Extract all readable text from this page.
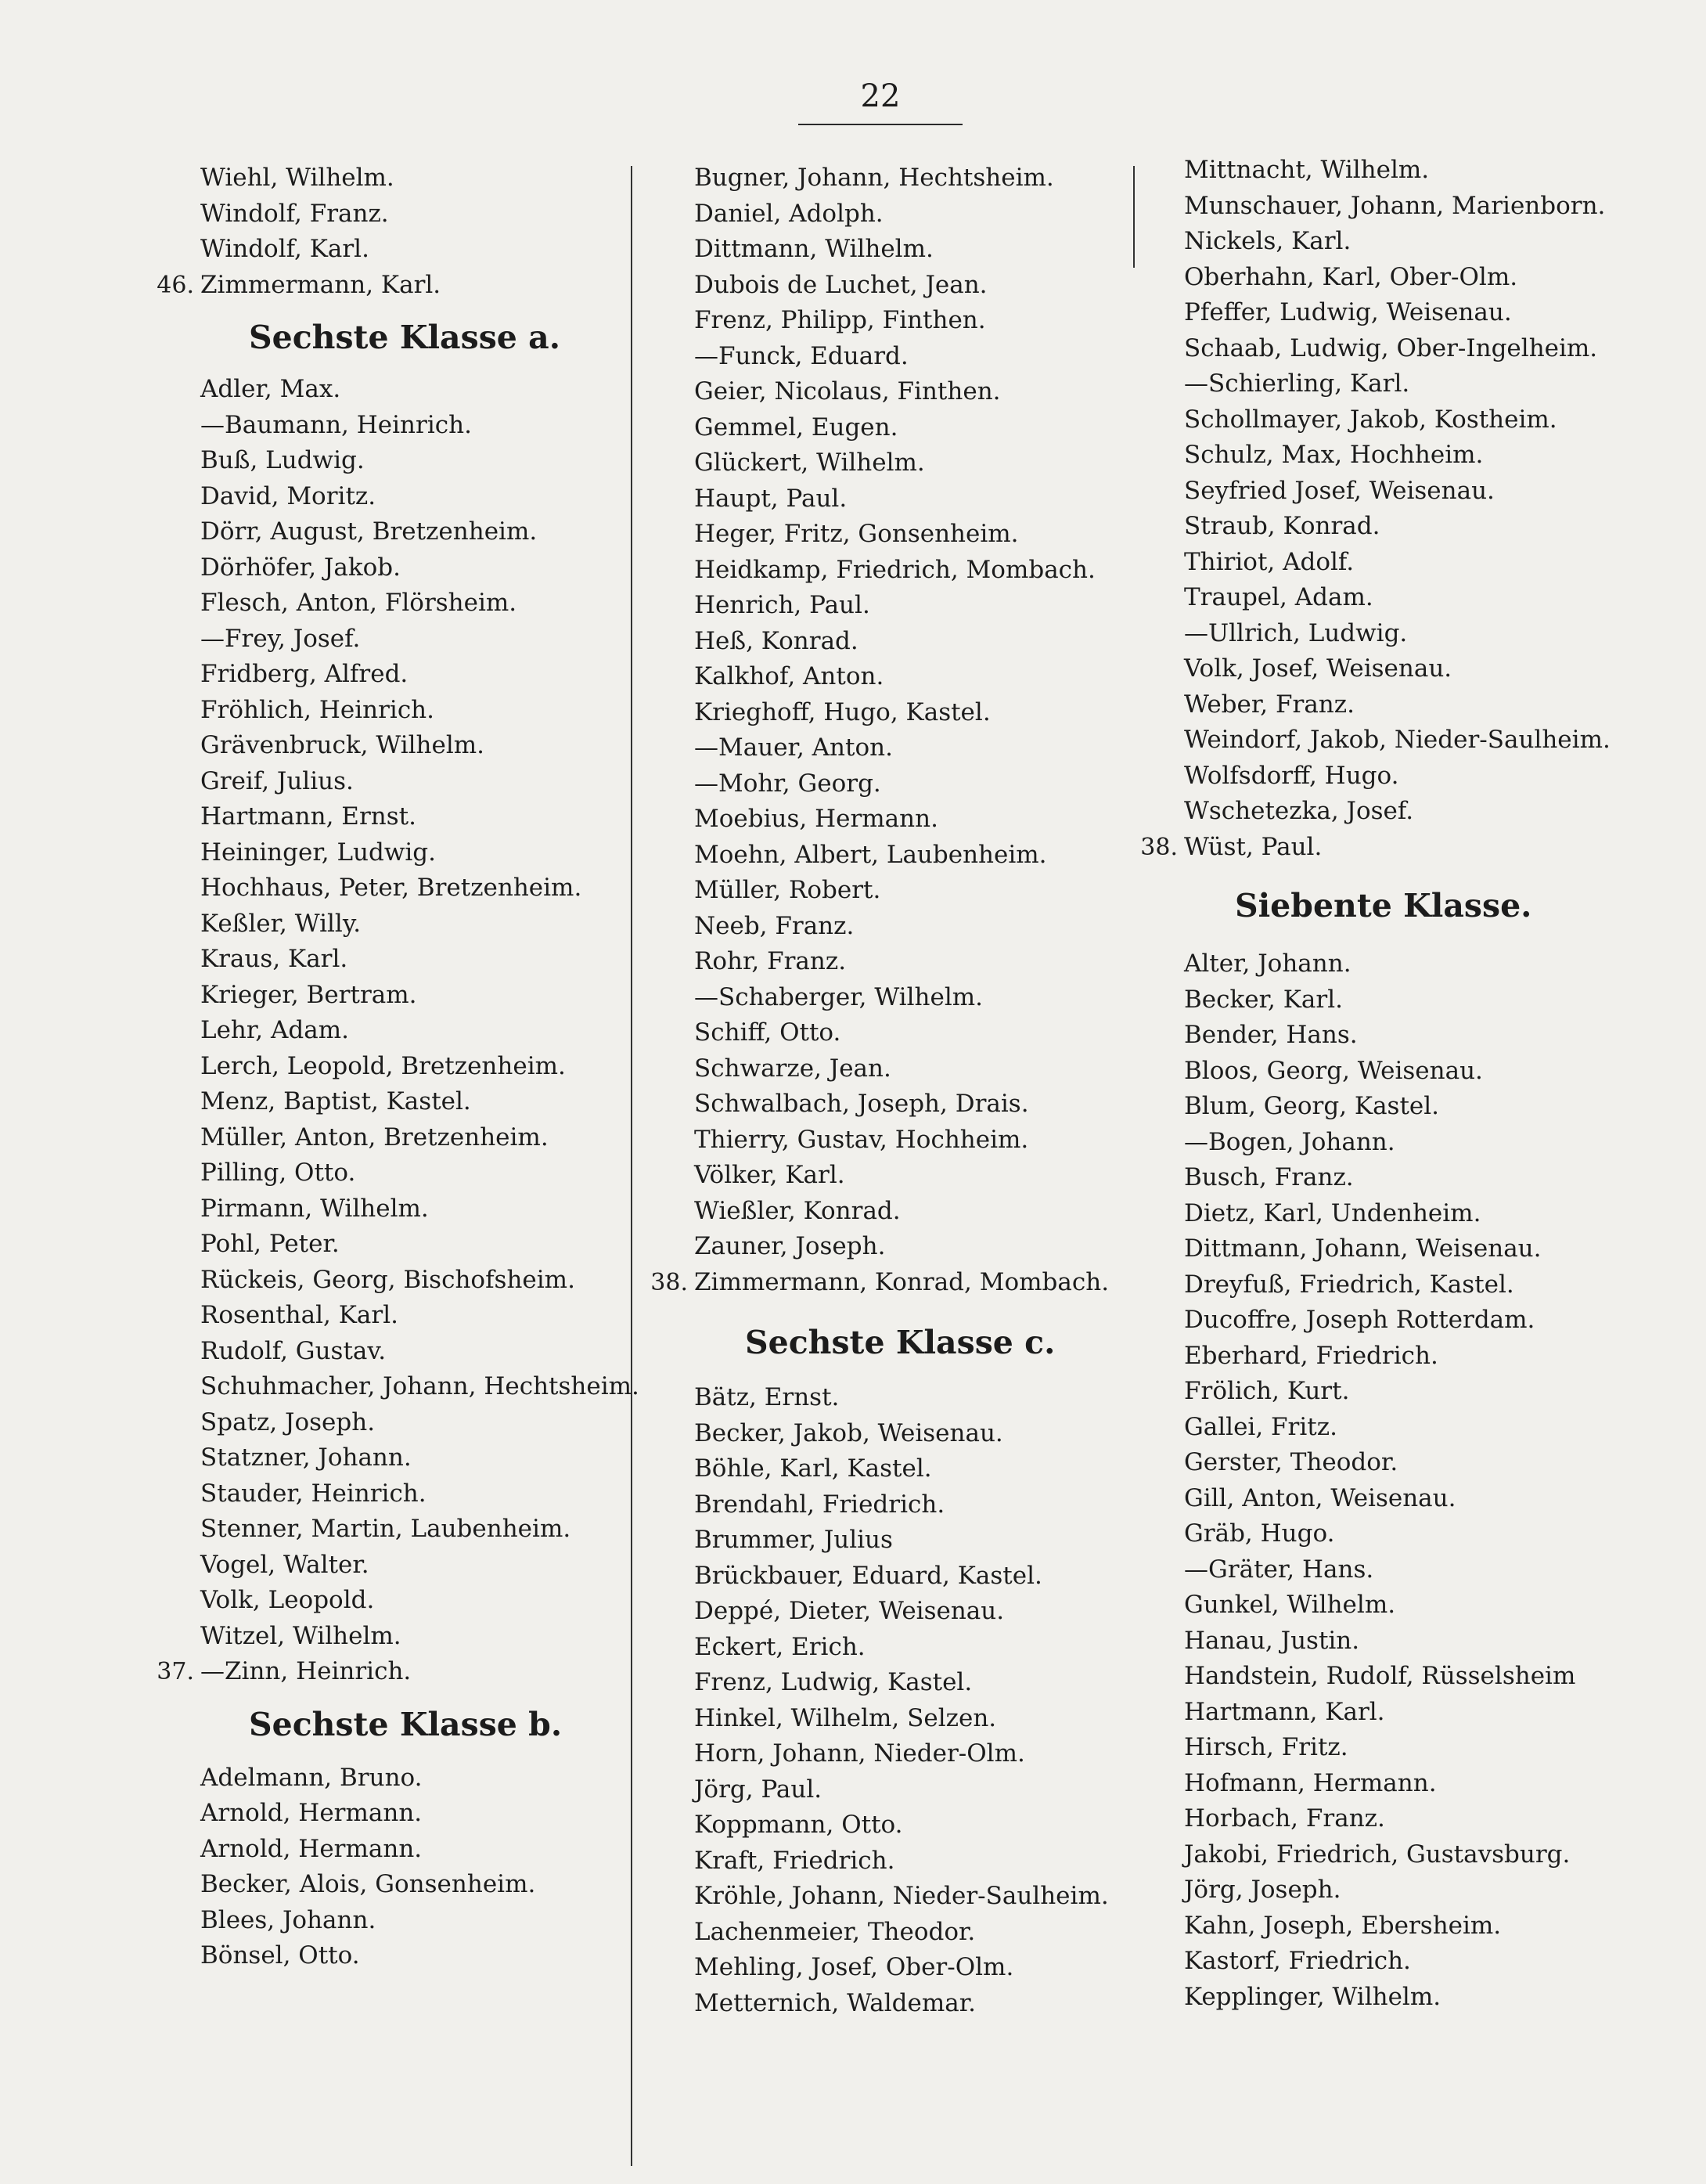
22
Wiehl, Wilhelm.
Windolf, Franz.
Windolf, Karl.
Zimmermann, Karl.
46.
Sechste Klasse a.
Adler, Max.
—Baumann, Heinrich.
Buß, Ludwig.
David, Moritz.
Dörr, August, Bretzenheim.
Dörhöfer, Jakob.
Flesch, Anton, Flörsheim.
—Frey, Josef.
Fridberg, Alfred.
Fröhlich, Heinrich.
Grävenbruck, Wilhelm.
Greif, Julius.
Hartmann, Ernst.
Heininger, Ludwig.
Hochhaus, Peter, Bretzenheim.
Keßler, Willy.
Kraus, Karl.
Krieger, Bertram.
Lehr, Adam.
Lerch, Leopold, Bretzenheim.
Menz, Baptist, Kastel.
Müller, Anton, Bretzenheim.
Pilling, Otto.
Pirmann, Wilhelm.
Pohl, Peter.
Rückeis, Georg, Bischofsheim.
Rosenthal, Karl.
Rudolf, Gustav.
Schuhmacher, Johann, Hechtsheim.
Spatz, Joseph.
Statzner, Johann.
Stauder, Heinrich.
Stenner, Martin, Laubenheim.
Vogel, Walter.
Volk, Leopold.
Witzel, Wilhelm.
—Zinn, Heinrich.
37.
Sechste Klasse b.
Adelmann, Bruno.
Arnold, Hermann.
Arnold, Hermann.
Becker, Alois, Gonsenheim.
Blees, Johann.
Bönsel, Otto.
Bugner, Johann, Hechtsheim.
Daniel, Adolph.
Dittmann, Wilhelm.
Dubois de Luchet, Jean.
Frenz, Philipp, Finthen.
—Funck, Eduard.
Geier, Nicolaus, Finthen.
Gemmel, Eugen.
Glückert, Wilhelm.
Haupt, Paul.
Heger, Fritz, Gonsenheim.
Heidkamp, Friedrich, Mombach.
Henrich, Paul.
Heß, Konrad.
Kalkhof, Anton.
Krieghoff, Hugo, Kastel.
—Mauer, Anton.
—Mohr, Georg.
Moebius, Hermann.
Moehn, Albert, Laubenheim.
Müller, Robert.
Neeb, Franz.
Rohr, Franz.
—Schaberger, Wilhelm.
Schiff, Otto.
Schwarze, Jean.
Schwalbach, Joseph, Drais.
Thierry, Gustav, Hochheim.
Völker, Karl.
Wießler, Konrad.
Zauner, Joseph.
Zimmermann, Konrad, Mombach.
38.
Sechste Klasse c.
Bätz, Ernst.
Becker, Jakob, Weisenau.
Böhle, Karl, Kastel.
Brendahl, Friedrich.
Brummer, Julius
Brückbauer, Eduard, Kastel.
Deppé, Dieter, Weisenau.
Eckert, Erich.
Frenz, Ludwig, Kastel.
Hinkel, Wilhelm, Selzen.
Horn, Johann, Nieder-Olm.
Jörg, Paul.
Koppmann, Otto.
Kraft, Friedrich.
Kröhle, Johann, Nieder-Saulheim.
Lachenmeier, Theodor.
Mehling, Josef, Ober-Olm.
Metternich, Waldemar.
Mittnacht, Wilhelm.
Munschauer, Johann, Marienborn.
Nickels, Karl.
Oberhahn, Karl, Ober-Olm.
Pfeffer, Ludwig, Weisenau.
Schaab, Ludwig, Ober-Ingelheim.
—Schierling, Karl.
Schollmayer, Jakob, Kostheim.
Schulz, Max, Hochheim.
Seyfried Josef, Weisenau.
Straub, Konrad.
Thiriot, Adolf.
Traupel, Adam.
—Ullrich, Ludwig.
Volk, Josef, Weisenau.
Weber, Franz.
Weindorf, Jakob, Nieder-Saulheim.
Wolfsdorff, Hugo.
Wschetezka, Josef.
Wüst, Paul.
38.
Siebente Klasse.
Alter, Johann.
Becker, Karl.
Bender, Hans.
Bloos, Georg, Weisenau.
Blum, Georg, Kastel.
—Bogen, Johann.
Busch, Franz.
Dietz, Karl, Undenheim.
Dittmann, Johann, Weisenau.
Dreyfuß, Friedrich, Kastel.
Ducoffre, Joseph Rotterdam.
Eberhard, Friedrich.
Frölich, Kurt.
Gallei, Fritz.
Gerster, Theodor.
Gill, Anton, Weisenau.
Gräb, Hugo.
—Gräter, Hans.
Gunkel, Wilhelm.
Hanau, Justin.
Handstein, Rudolf, Rüsselsheim
Hartmann, Karl.
Hirsch, Fritz.
Hofmann, Hermann.
Horbach, Franz.
Jakobi, Friedrich, Gustavsburg.
Jörg, Joseph.
Kahn, Joseph, Ebersheim.
Kastorf, Friedrich.
Kepplinger, Wilhelm.
